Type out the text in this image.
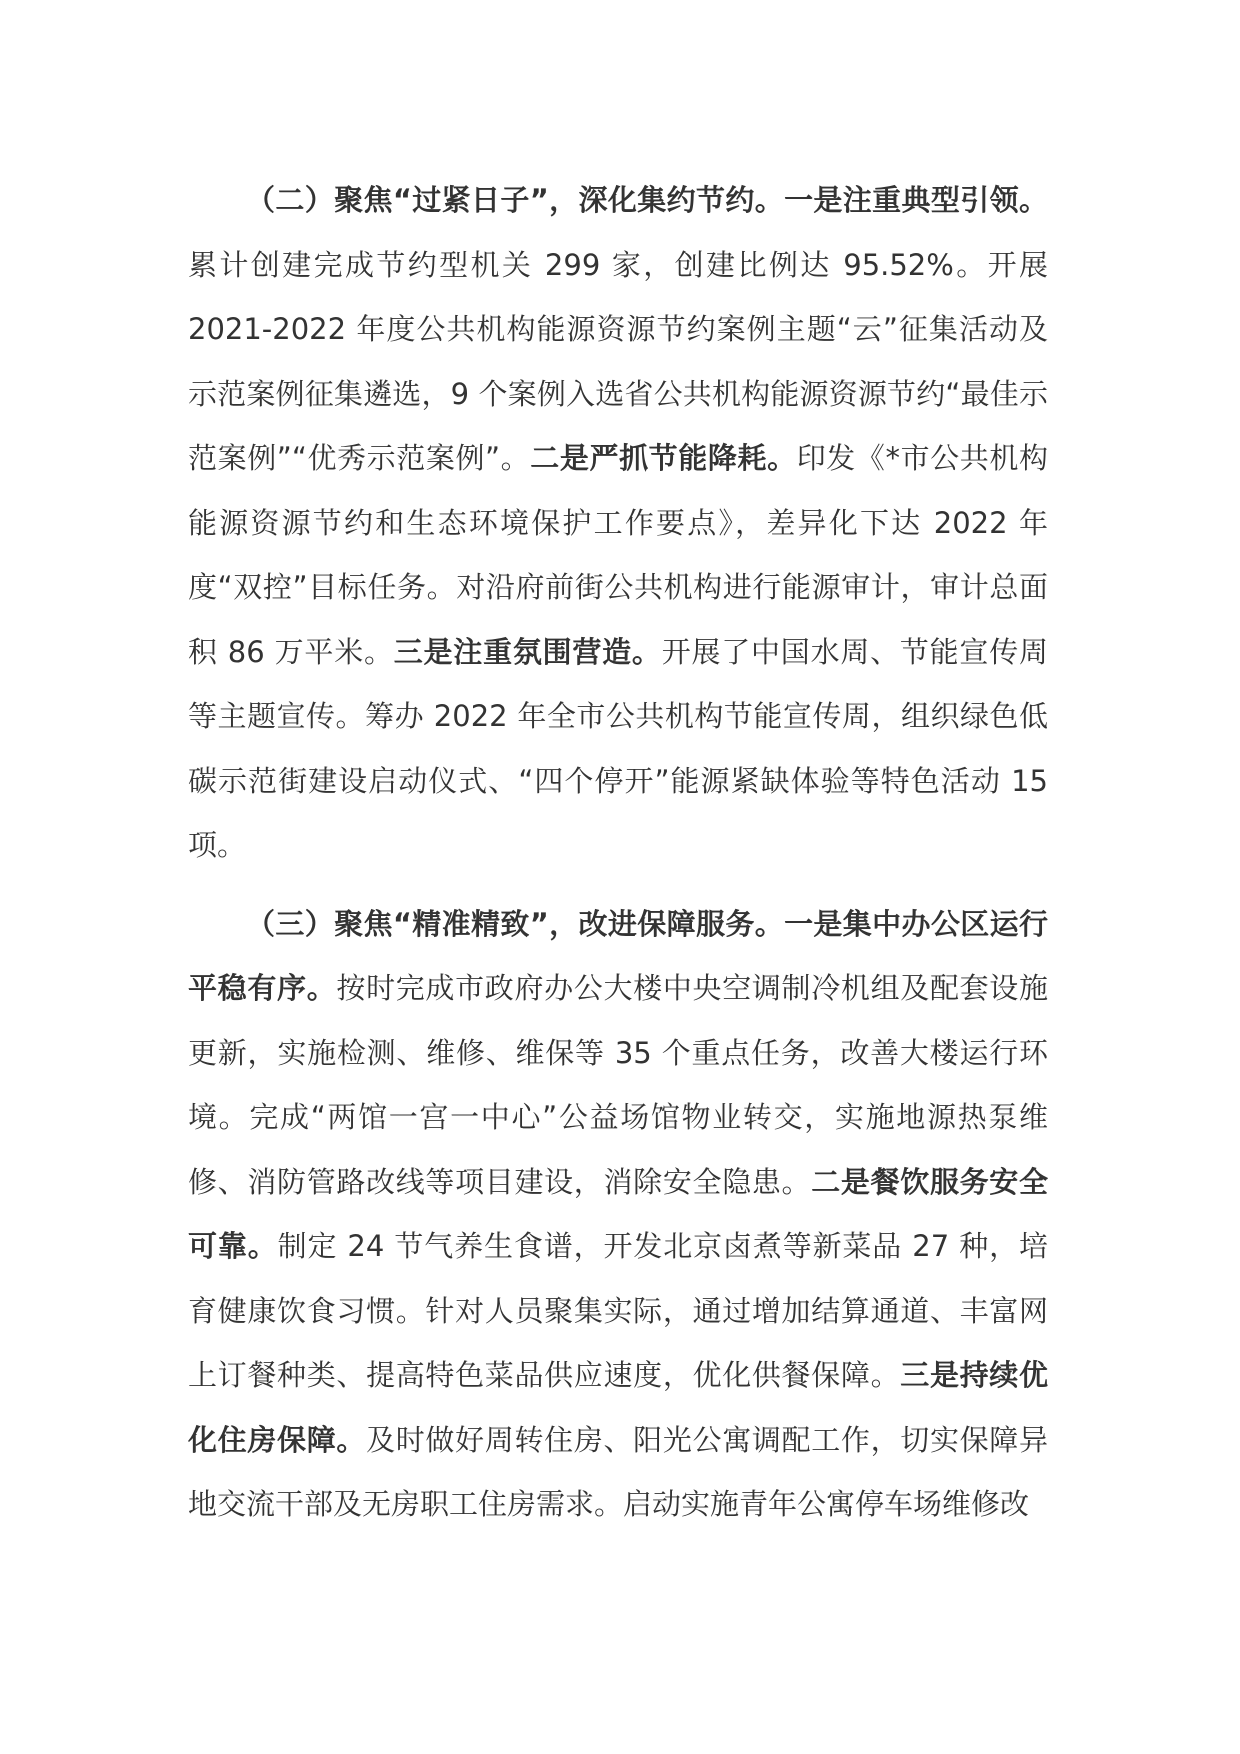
（二）聚焦“过紧日子”，深化集约节约。一是注重典型引领。累计创建完成节约型机关 299 家，创建比例达 95.52%。开展 2021-2022 年度公共机构能源资源节约案例主题“云”征集活动及示范案例征集遴选，9 个案例入选省公共机构能源资源节约“最佳示范案例”“优秀示范案例”。二是严抓节能降耗。印发《*市公共机构能源资源节约和生态环境保护工作要点》，差异化下达 2022 年度“双控”目标任务。对沿府前街公共机构进行能源审计，审计总面积 86 万平米。三是注重氛围营造。开展了中国水周、节能宣传周等主题宣传。筹办 2022 年全市公共机构节能宣传周，组织绿色低碳示范街建设启动仪式、“四个停开”能源紧缺体验等特色活动 15 项。

（三）聚焦“精准精致”，改进保障服务。一是集中办公区运行平稳有序。按时完成市政府办公大楼中央空调制冷机组及配套设施更新，实施检测、维修、维保等 35 个重点任务，改善大楼运行环境。完成“两馆一宫一中心”公益场馆物业转交，实施地源热泵维修、消防管路改线等项目建设，消除安全隐患。二是餐饮服务安全可靠。制定 24 节气养生食谱，开发北京卤煮等新菜品 27 种，培育健康饮食习惯。针对人员聚集实际，通过增加结算通道、丰富网上订餐种类、提高特色菜品供应速度，优化供餐保障。三是持续优化住房保障。及时做好周转住房、阳光公寓调配工作，切实保障异地交流干部及无房职工住房需求。启动实施青年公寓停车场维修改
